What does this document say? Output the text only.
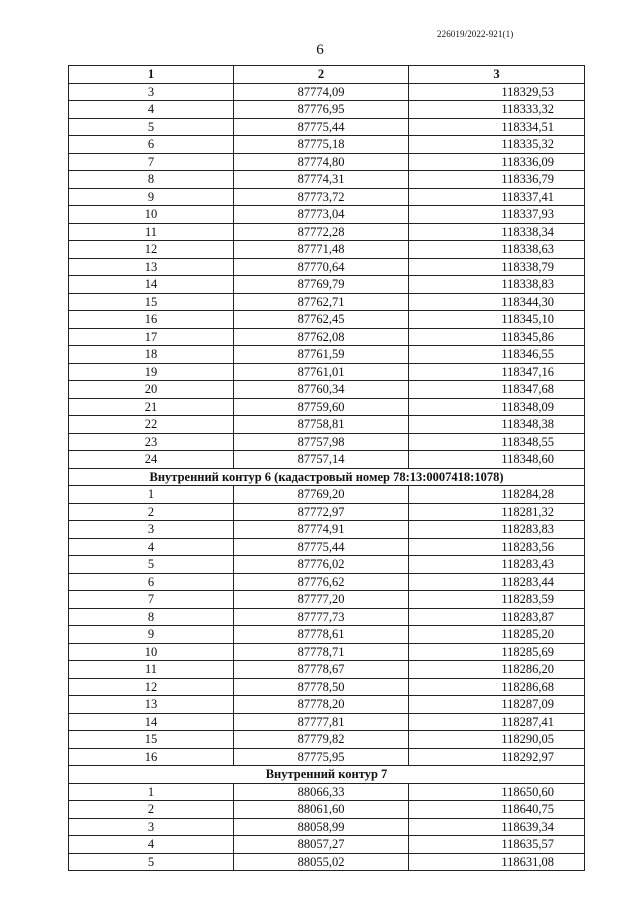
226019/2022-921(1)
6
1	2	3
3	87774,09	118329,53
4	87776,95	118333,32
5	87775,44	118334,51
6	87775,18	118335,32
7	87774,80	118336,09
8	87774,31	118336,79
9	87773,72	118337,41
10	87773,04	118337,93
11	87772,28	118338,34
12	87771,48	118338,63
13	87770,64	118338,79
14	87769,79	118338,83
15	87762,71	118344,30
16	87762,45	118345,10
17	87762,08	118345,86
18	87761,59	118346,55
19	87761,01	118347,16
20	87760,34	118347,68
21	87759,60	118348,09
22	87758,81	118348,38
23	87757,98	118348,55
24	87757,14	118348,60
Внутренний контур 6 (кадастровый номер 78:13:0007418:1078)		
1	87769,20	118284,28
2	87772,97	118281,32
3	87774,91	118283,83
4	87775,44	118283,56
5	87776,02	118283,43
6	87776,62	118283,44
7	87777,20	118283,59
8	87777,73	118283,87
9	87778,61	118285,20
10	87778,71	118285,69
11	87778,67	118286,20
12	87778,50	118286,68
13	87778,20	118287,09
14	87777,81	118287,41
15	87779,82	118290,05
16	87775,95	118292,97
Внутренний контур 7		
1	88066,33	118650,60
2	88061,60	118640,75
3	88058,99	118639,34
4	88057,27	118635,57
5	88055,02	118631,08
